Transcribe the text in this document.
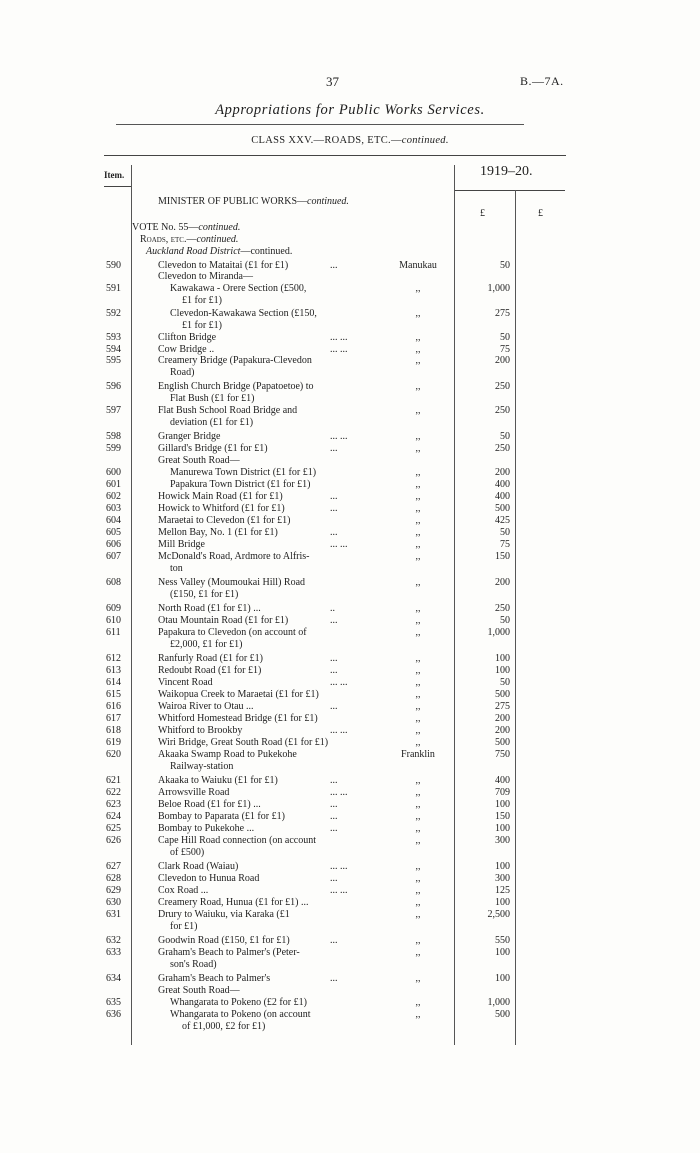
37	B.—7A.
Appropriations for Public Works Services.
CLASS XXV.—ROADS, ETC.—continued.
Item.	1919–20.
£	£
MINISTER OF PUBLIC WORKS—continued.
VOTE No. 55—continued.
Roads, etc.—continued.
Auckland Road District—continued.
590	Clevedon to Mataitai (£1 for £1)	...	Manukau	50
Clevedon to Miranda—
591	Kawakawa - Orere Section (£500,	,,	1,000
£1 for £1)
592	Clevedon-Kawakawa Section (£150,	,,	275
£1 for £1)
593	Clifton Bridge	... ...	,,	50
594	Cow Bridge ..	... ...	,,	75
595	Creamery Bridge (Papakura-Clevedon	,,	200
Road)
596	English Church Bridge (Papatoetoe) to	,,	250
Flat Bush (£1 for £1)
597	Flat Bush School Road Bridge and	,,	250
deviation (£1 for £1)
598	Granger Bridge	... ...	,,	50
599	Gillard's Bridge (£1 for £1)	...	,,	250
Great South Road—
600	Manurewa Town District (£1 for £1)	,,	200
601	Papakura Town District (£1 for £1)	,,	400
602	Howick Main Road (£1 for £1)	...	,,	400
603	Howick to Whitford (£1 for £1)	...	,,	500
604	Maraetai to Clevedon (£1 for £1)	,,	425
605	Mellon Bay, No. 1 (£1 for £1)	...	,,	50
606	Mill Bridge	... ...	,,	75
607	McDonald's Road, Ardmore to Alfris-	,,	150
ton
608	Ness Valley (Moumoukai Hill) Road	,,	200
(£150, £1 for £1)
609	North Road (£1 for £1) ...	..	,,	250
610	Otau Mountain Road (£1 for £1)	...	,,	50
611	Papakura to Clevedon (on account of	,,	1,000
£2,000, £1 for £1)
612	Ranfurly Road (£1 for £1)	...	,,	100
613	Redoubt Road (£1 for £1)	...	,,	100
614	Vincent Road	... ...	,,	50
615	Waikopua Creek to Maraetai (£1 for £1)	,,	500
616	Wairoa River to Otau ...	...	,,	275
617	Whitford Homestead Bridge (£1 for £1)	,,	200
618	Whitford to Brookby	... ...	,,	200
619	Wiri Bridge, Great South Road (£1 for £1)	,,	500
620	Akaaka Swamp Road to Pukekohe	Franklin	750
Railway-station
621	Akaaka to Waiuku (£1 for £1)	...	,,	400
622	Arrowsville Road	... ...	,,	709
623	Beloe Road (£1 for £1) ...	...	,,	100
624	Bombay to Paparata (£1 for £1)	...	,,	150
625	Bombay to Pukekohe ...	...	,,	100
626	Cape Hill Road connection (on account	,,	300
of £500)
627	Clark Road (Waiau)	... ...	,,	100
628	Clevedon to Hunua Road	...	,,	300
629	Cox Road ...	... ...	,,	125
630	Creamery Road, Hunua (£1 for £1) ...	,,	100
631	Drury to Waiuku, via Karaka (£1	,,	2,500
for £1)
632	Goodwin Road (£150, £1 for £1)	...	,,	550
633	Graham's Beach to Palmer's (Peter-	,,	100
son's Road)
634	Graham's Beach to Palmer's	...	,,	100
Great South Road—
635	Whangarata to Pokeno (£2 for £1)	,,	1,000
636	Whangarata to Pokeno (on account	,,	500
of £1,000, £2 for £1)
